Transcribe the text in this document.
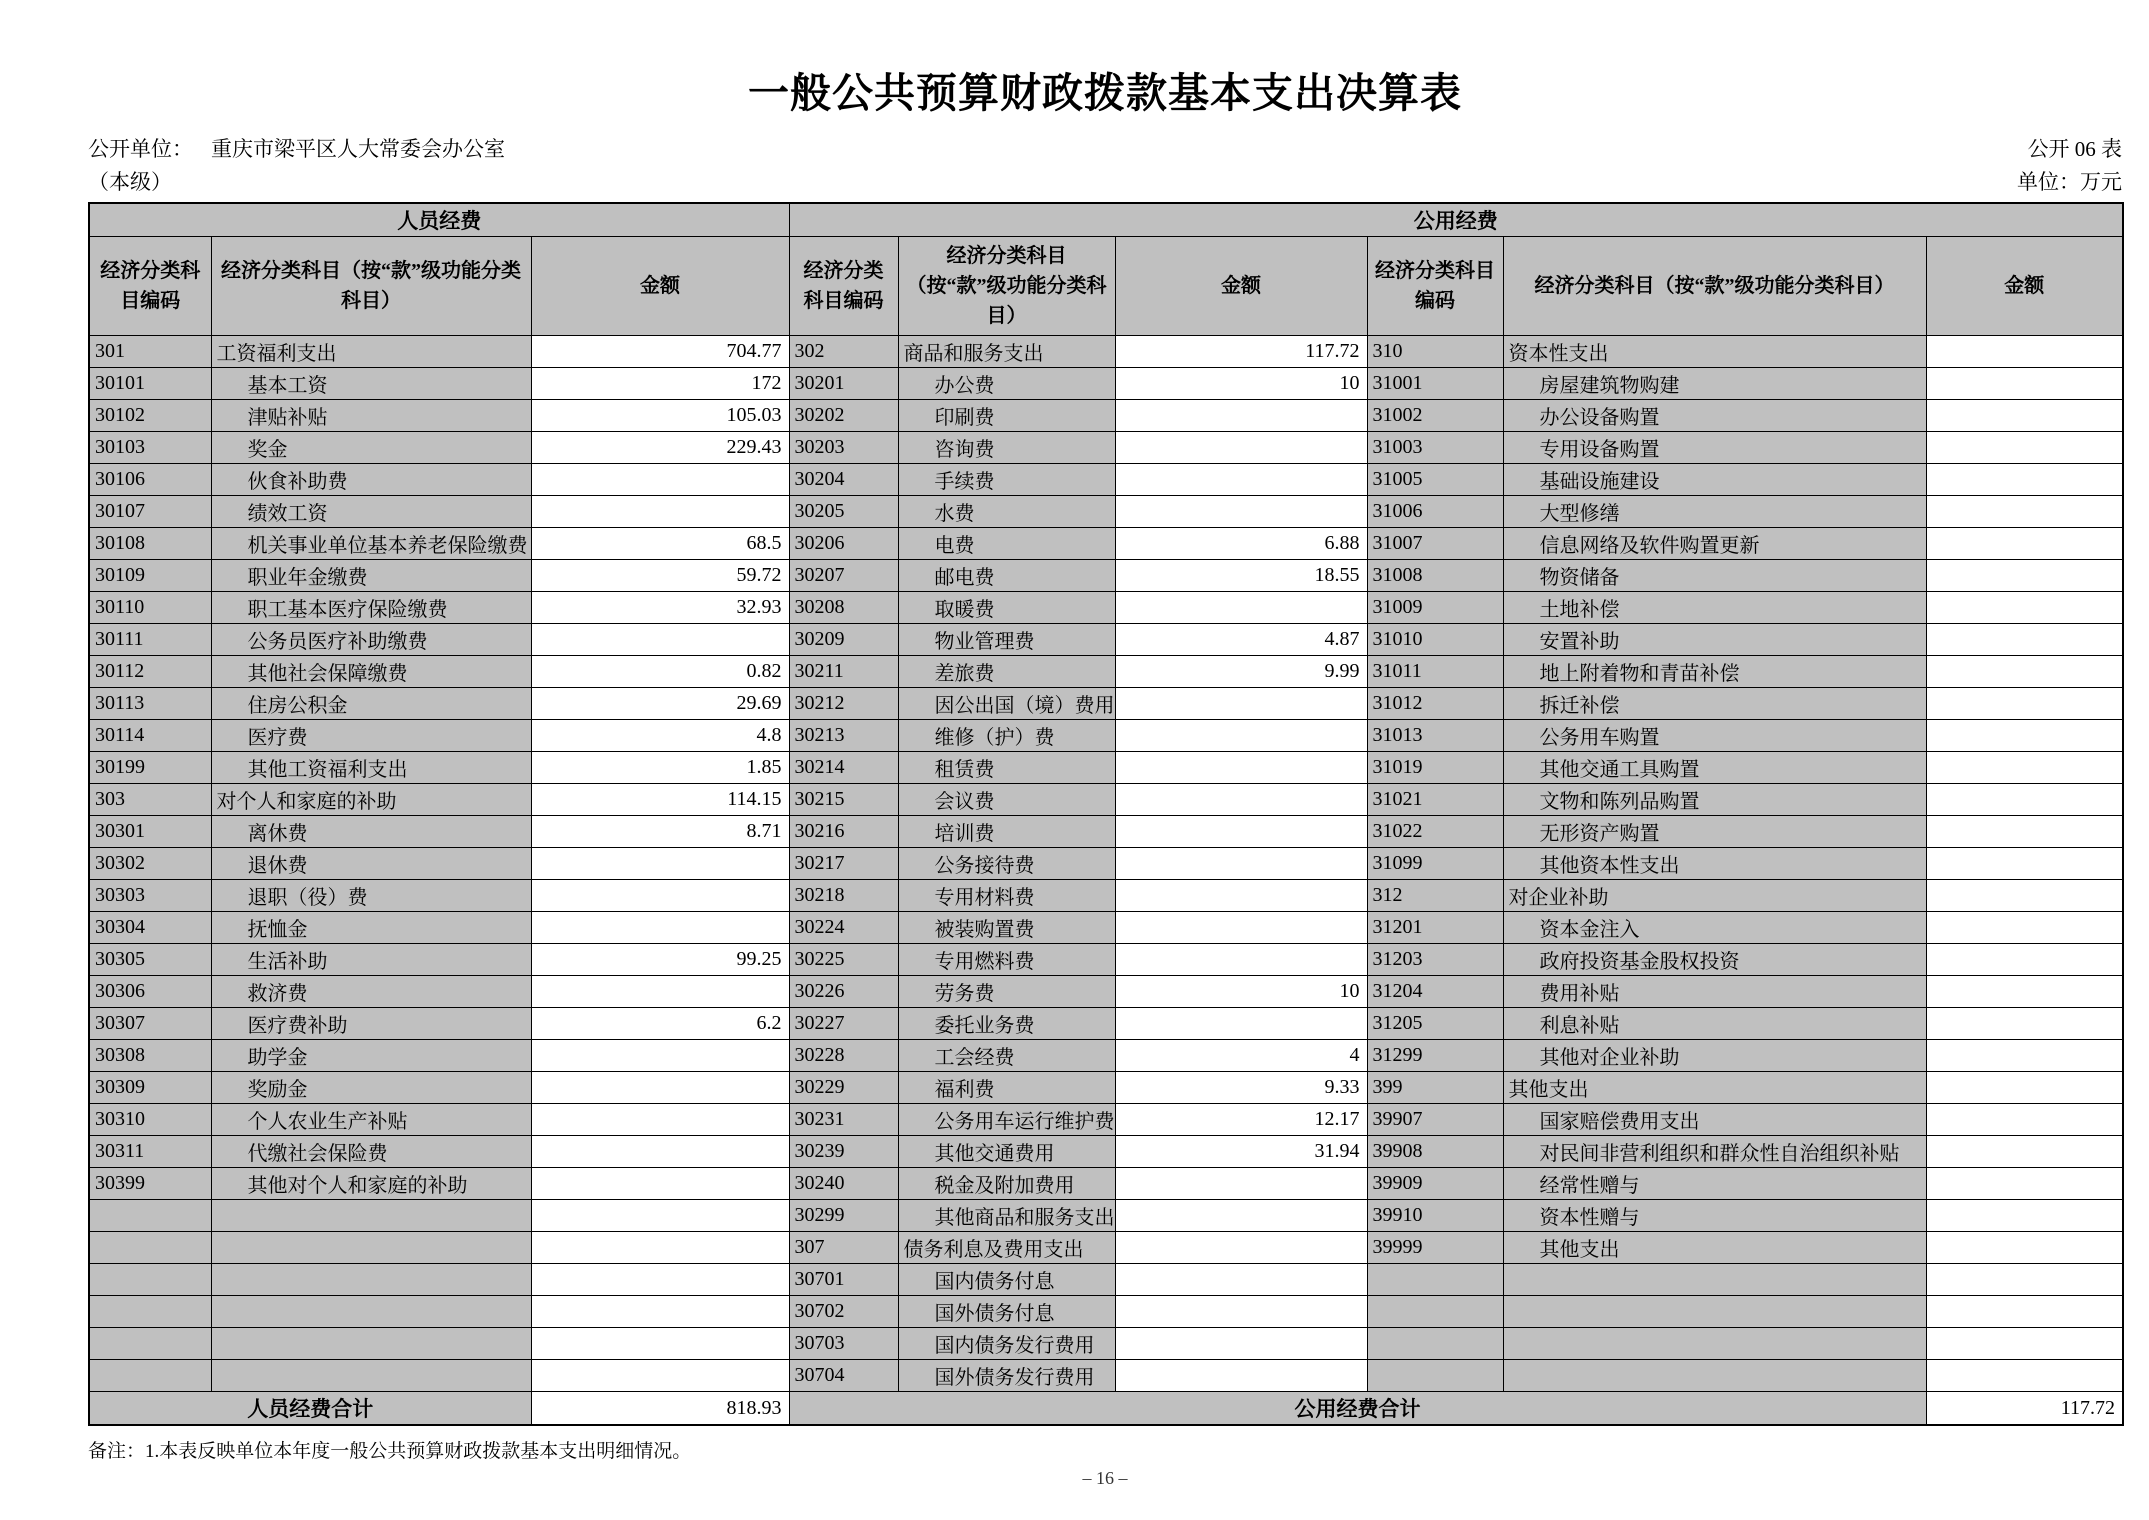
一般公共预算财政拨款基本支出决算表
公开单位： 重庆市梁平区人大常委会办公室
（本级）
公开 06 表
单位：万元
人员经费			公用经费					
经济分类科目编码	经济分类科目（按“款”级功能分类科目）	金额	经济分类科目编码	经济分类科目（按“款”级功能分类科目）	金额	经济分类科目编码	经济分类科目（按“款”级功能分类科目）	金额
301	工资福利支出	704.77	302	商品和服务支出	117.72	310	资本性支出	
30101	基本工资	172	30201	办公费	10	31001	房屋建筑物购建	
30102	津贴补贴	105.03	30202	印刷费		31002	办公设备购置	
30103	奖金	229.43	30203	咨询费		31003	专用设备购置	
30106	伙食补助费		30204	手续费		31005	基础设施建设	
30107	绩效工资		30205	水费		31006	大型修缮	
30108	机关事业单位基本养老保险缴费	68.5	30206	电费	6.88	31007	信息网络及软件购置更新	
30109	职业年金缴费	59.72	30207	邮电费	18.55	31008	物资储备	
30110	职工基本医疗保险缴费	32.93	30208	取暖费		31009	土地补偿	
30111	公务员医疗补助缴费		30209	物业管理费	4.87	31010	安置补助	
30112	其他社会保障缴费	0.82	30211	差旅费	9.99	31011	地上附着物和青苗补偿	
30113	住房公积金	29.69	30212	因公出国（境）费用		31012	拆迁补偿	
30114	医疗费	4.8	30213	维修（护）费		31013	公务用车购置	
30199	其他工资福利支出	1.85	30214	租赁费		31019	其他交通工具购置	
303	对个人和家庭的补助	114.15	30215	会议费		31021	文物和陈列品购置	
30301	离休费	8.71	30216	培训费		31022	无形资产购置	
30302	退休费		30217	公务接待费		31099	其他资本性支出	
30303	退职（役）费		30218	专用材料费		312	对企业补助	
30304	抚恤金		30224	被装购置费		31201	资本金注入	
30305	生活补助	99.25	30225	专用燃料费		31203	政府投资基金股权投资	
30306	救济费		30226	劳务费	10	31204	费用补贴	
30307	医疗费补助	6.2	30227	委托业务费		31205	利息补贴	
30308	助学金		30228	工会经费	4	31299	其他对企业补助	
30309	奖励金		30229	福利费	9.33	399	其他支出	
30310	个人农业生产补贴		30231	公务用车运行维护费	12.17	39907	国家赔偿费用支出	
30311	代缴社会保险费		30239	其他交通费用	31.94	39908	对民间非营利组织和群众性自治组织补贴	
30399	其他对个人和家庭的补助		30240	税金及附加费用		39909	经常性赠与	
			30299	其他商品和服务支出		39910	资本性赠与	
			307	债务利息及费用支出		39999	其他支出	
			30701	国内债务付息				
			30702	国外债务付息				
			30703	国内债务发行费用				
			30704	国外债务发行费用				
人员经费合计		818.93	公用经费合计					117.72
备注：1.本表反映单位本年度一般公共预算财政拨款基本支出明细情况。
– 16 –
